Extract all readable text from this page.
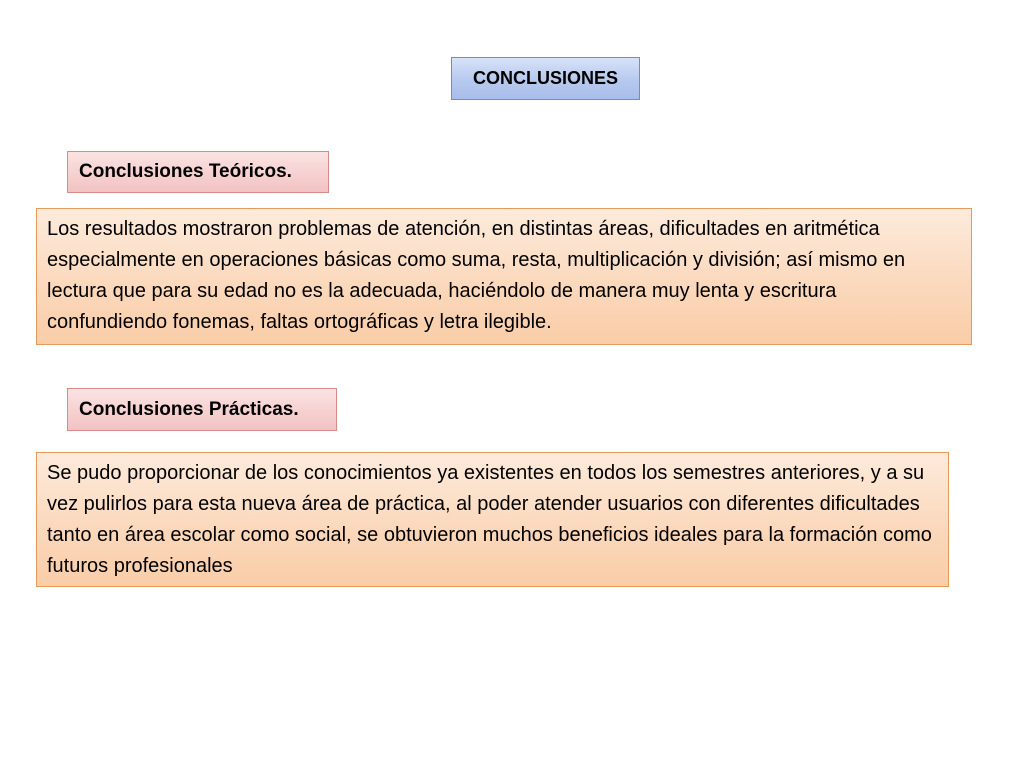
CONCLUSIONES
Conclusiones Teóricos.
Los resultados mostraron problemas de atención, en distintas áreas, dificultades en aritmética especialmente en operaciones básicas como suma, resta, multiplicación y división; así mismo en lectura que para su edad no es la adecuada, haciéndolo de manera muy lenta y escritura confundiendo fonemas, faltas ortográficas y letra ilegible.
Conclusiones Prácticas.
Se pudo proporcionar de los conocimientos ya existentes en todos los semestres anteriores, y a su vez pulirlos para esta nueva área de práctica, al poder atender usuarios con diferentes dificultades tanto en área escolar como social, se obtuvieron muchos beneficios ideales para la formación como futuros profesionales
